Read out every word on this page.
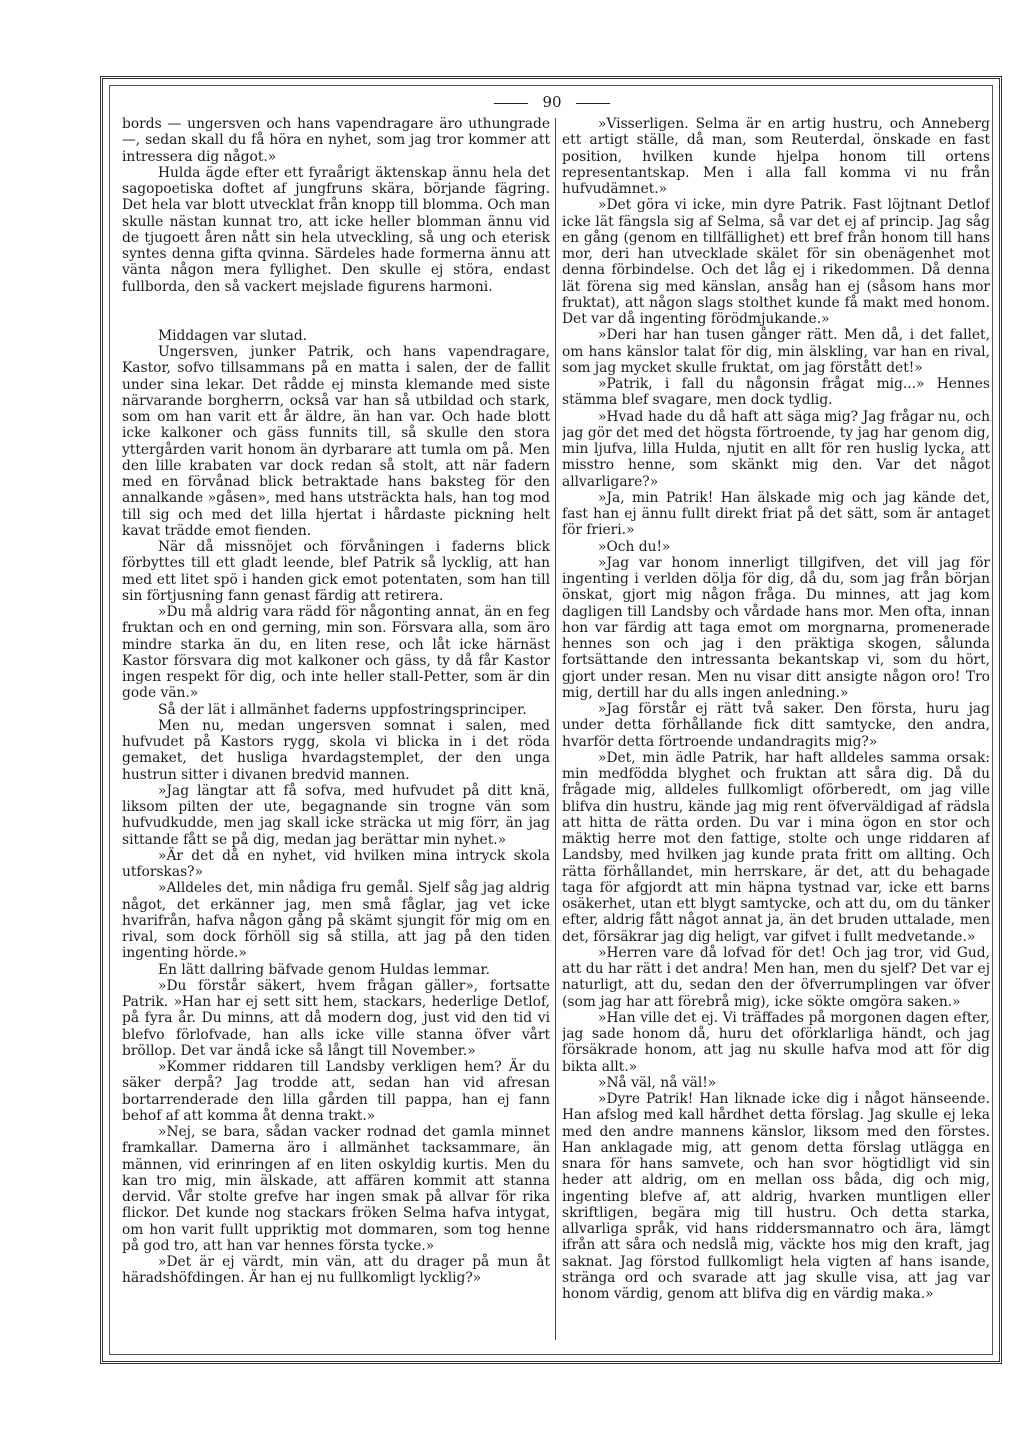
90

bords — ungersven och hans vapendragare äro uthungrade —, sedan skall du få höra en nyhet, som jag tror kommer att intressera dig något.»

Hulda ägde efter ett fyraårigt äktenskap ännu hela det sagopoetiska doftet af jungfruns skära, börjande fägring. Det hela var blott utvecklat från knopp till blomma. Och man skulle nästan kunnat tro, att icke heller blomman ännu vid de tjugoett åren nått sin hela utveckling, så ung och eterisk syntes denna gifta qvinna. Särdeles hade formerna ännu att vänta någon mera fyllighet. Den skulle ej störa, endast fullborda, den så vackert mejslade figurens harmoni.

Middagen var slutad.

Ungersven, junker Patrik, och hans vapendragare, Kastor, sofvo tillsammans på en matta i salen, der de fallit under sina lekar. Det rådde ej minsta klemande med siste närvarande borgherrn, också var han så utbildad och stark, som om han varit ett år äldre, än han var. Och hade blott icke kalkoner och gäss funnits till, så skulle den stora yttergården varit honom än dyrbarare att tumla om på. Men den lille krabaten var dock redan så stolt, att när fadern med en förvånad blick betraktade hans baksteg för den annalkande »gåsen», med hans utsträckta hals, han tog mod till sig och med det lilla hjertat i hårdaste pickning helt kavat trädde emot fienden.

När då missnöjet och förvåningen i faderns blick förbyttes till ett gladt leende, blef Patrik så lycklig, att han med ett litet spö i handen gick emot potentaten, som han till sin förtjusning fann genast färdig att retirera.

»Du må aldrig vara rädd för någonting annat, än en feg fruktan och en ond gerning, min son. Försvara alla, som äro mindre starka än du, en liten rese, och låt icke härnäst Kastor försvara dig mot kalkoner och gäss, ty då får Kastor ingen respekt för dig, och inte heller stall-Petter, som är din gode vän.»

Så der lät i allmänhet faderns uppfostringsprinciper.

Men nu, medan ungersven somnat i salen, med hufvudet på Kastors rygg, skola vi blicka in i det röda gemaket, det husliga hvardagstemplet, der den unga hustrun sitter i divanen bredvid mannen.

»Jag längtar att få sofva, med hufvudet på ditt knä, liksom pilten der ute, begagnande sin trogne vän som hufvudkudde, men jag skall icke sträcka ut mig förr, än jag sittande fått se på dig, medan jag berättar min nyhet.»

»Är det då en nyhet, vid hvilken mina intryck skola utforskas?»

»Alldeles det, min nådiga fru gemål. Sjelf såg jag aldrig något, det erkänner jag, men små fåglar, jag vet icke hvarifrån, hafva någon gång på skämt sjungit för mig om en rival, som dock förhöll sig så stilla, att jag på den tiden ingenting hörde.»

En lätt dallring bäfvade genom Huldas lemmar.

»Du förstår säkert, hvem frågan gäller», fortsatte Patrik. »Han har ej sett sitt hem, stackars, hederlige Detlof, på fyra år. Du minns, att då modern dog, just vid den tid vi blefvo förlofvade, han alls icke ville stanna öfver vårt bröllop. Det var ändå icke så långt till November.»

»Kommer riddaren till Landsby verkligen hem? Är du säker derpå? Jag trodde att, sedan han vid afresan bortarrenderade den lilla gården till pappa, han ej fann behof af att komma åt denna trakt.»

»Nej, se bara, sådan vacker rodnad det gamla minnet framkallar. Damerna äro i allmänhet tacksammare, än männen, vid erinringen af en liten oskyldig kurtis. Men du kan tro mig, min älskade, att affären kommit att stanna dervid. Vår stolte grefve har ingen smak på allvar för rika flickor. Det kunde nog stackars fröken Selma hafva intygat, om hon varit fullt uppriktig mot dommaren, som tog henne på god tro, att han var hennes första tycke.»

»Det är ej värdt, min vän, att du drager på mun åt häradshöfdingen. Är han ej nu fullkomligt lycklig?»

»Visserligen. Selma är en artig hustru, och Anneberg ett artigt ställe, då man, som Reuterdal, önskade en fast position, hvilken kunde hjelpa honom till ortens representantskap. Men i alla fall komma vi nu från hufvudämnet.»

»Det göra vi icke, min dyre Patrik. Fast löjtnant Detlof icke lät fängsla sig af Selma, så var det ej af princip. Jag såg en gång (genom en tillfällighet) ett bref från honom till hans mor, deri han utvecklade skälet för sin obenägenhet mot denna förbindelse. Och det låg ej i rikedommen. Då denna lät förena sig med känslan, ansåg han ej (såsom hans mor fruktat), att någon slags stolthet kunde få makt med honom. Det var då ingenting förödmjukande.»

»Deri har han tusen gånger rätt. Men då, i det fallet, om hans känslor talat för dig, min älskling, var han en rival, som jag mycket skulle fruktat, om jag förstått det!»

»Patrik, i fall du någonsin frågat mig...» Hennes stämma blef svagare, men dock tydlig.

»Hvad hade du då haft att säga mig? Jag frågar nu, och jag gör det med det högsta förtroende, ty jag har genom dig, min ljufva, lilla Hulda, njutit en allt för ren huslig lycka, att misstro henne, som skänkt mig den. Var det något allvarligare?»

»Ja, min Patrik! Han älskade mig och jag kände det, fast han ej ännu fullt direkt friat på det sätt, som är antaget för frieri.»

»Och du!»

»Jag var honom innerligt tillgifven, det vill jag för ingenting i verlden dölja för dig, då du, som jag från början önskat, gjort mig någon fråga. Du minnes, att jag kom dagligen till Landsby och vårdade hans mor. Men ofta, innan hon var färdig att taga emot om morgnarna, promenerade hennes son och jag i den präktiga skogen, sålunda fortsättande den intressanta bekantskap vi, som du hört, gjort under resan. Men nu visar ditt ansigte någon oro! Tro mig, dertill har du alls ingen anledning.»

»Jag förstår ej rätt två saker. Den första, huru jag under detta förhållande fick ditt samtycke, den andra, hvarför detta förtroende undandragits mig?»

»Det, min ädle Patrik, har haft alldeles samma orsak: min medfödda blyghet och fruktan att såra dig. Då du frågade mig, alldeles fullkomligt oförberedt, om jag ville blifva din hustru, kände jag mig rent öfverväldigad af rädsla att hitta de rätta orden. Du var i mina ögon en stor och mäktig herre mot den fattige, stolte och unge riddaren af Landsby, med hvilken jag kunde prata fritt om allting. Och rätta förhållandet, min herrskare, är det, att du behagade taga för afgjordt att min häpna tystnad var, icke ett barns osäkerhet, utan ett blygt samtycke, och att du, om du tänker efter, aldrig fått något annat ja, än det bruden uttalade, men det, försäkrar jag dig heligt, var gifvet i fullt medvetande.»

»Herren vare då lofvad för det! Och jag tror, vid Gud, att du har rätt i det andra! Men han, men du sjelf? Det var ej naturligt, att du, sedan den der öfverrumplingen var öfver (som jag har att förebrå mig), icke sökte omgöra saken.»

»Han ville det ej. Vi träffades på morgonen dagen efter, jag sade honom då, huru det oförklarliga händt, och jag försäkrade honom, att jag nu skulle hafva mod att för dig bikta allt.»

»Nå väl, nå väl!»

»Dyre Patrik! Han liknade icke dig i något hänseende. Han afslog med kall hårdhet detta förslag. Jag skulle ej leka med den andre mannens känslor, liksom med den förstes. Han anklagade mig, att genom detta förslag utlägga en snara för hans samvete, och han svor högtidligt vid sin heder att aldrig, om en mellan oss båda, dig och mig, ingenting blefve af, att aldrig, hvarken muntligen eller skriftligen, begära mig till hustru. Och detta starka, allvarliga språk, vid hans riddersmannatro och ära, lämgt ifrån att såra och nedslå mig, väckte hos mig den kraft, jag saknat. Jag förstod fullkomligt hela vigten af hans isande, stränga ord och svarade att jag skulle visa, att jag var honom värdig, genom att blifva dig en värdig maka.»
